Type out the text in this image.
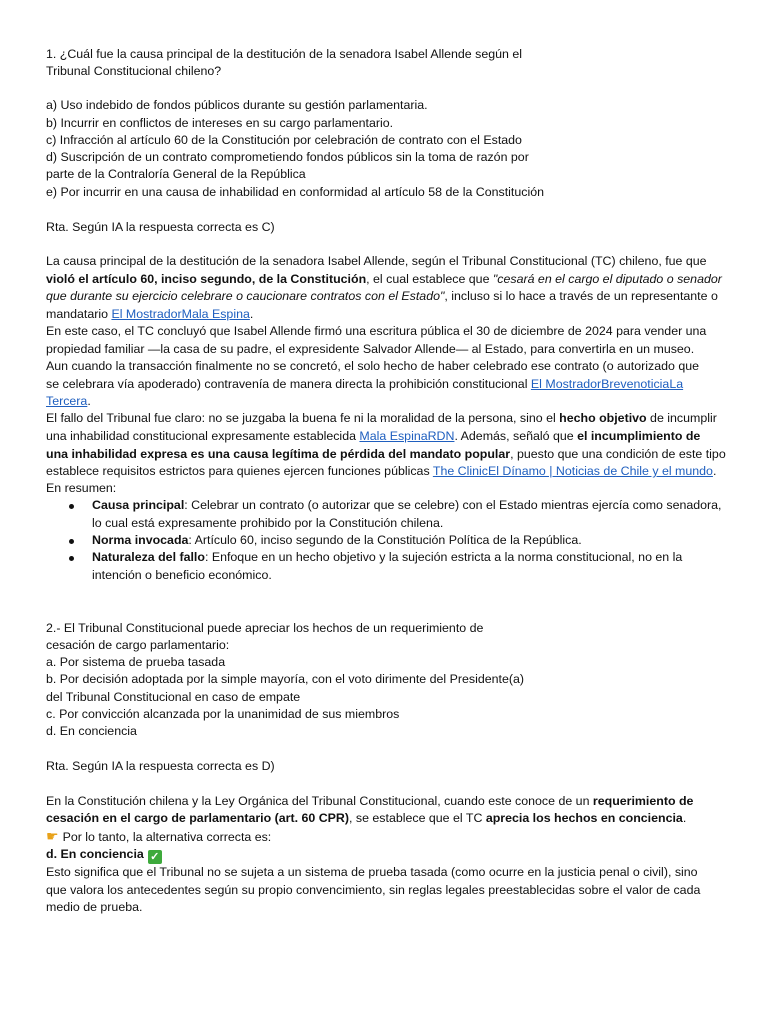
1. ¿Cuál fue la causa principal de la destitución de la senadora Isabel Allende según el
Tribunal Constitucional chileno?
a) Uso indebido de fondos públicos durante su gestión parlamentaria.
b) Incurrir en conflictos de intereses en su cargo parlamentario.
c) Infracción al artículo 60 de la Constitución por celebración de contrato con el Estado
d) Suscripción de un contrato comprometiendo fondos públicos sin la toma de razón por
parte de la Contraloría General de la República
e) Por incurrir en una causa de inhabilidad en conformidad al artículo 58 de la Constitución
Rta. Según IA la respuesta correcta es C)
La causa principal de la destitución de la senadora Isabel Allende, según el Tribunal Constitucional (TC) chileno, fue que
violó el artículo 60, inciso segundo, de la Constitución, el cual establece que "cesará en el cargo el diputado o senador
que durante su ejercicio celebrare o caucionare contratos con el Estado", incluso si lo hace a través de un representante o
mandatario El MostradorMala Espina.
En este caso, el TC concluyó que Isabel Allende firmó una escritura pública el 30 de diciembre de 2024 para vender una
propiedad familiar —la casa de su padre, el expresidente Salvador Allende— al Estado, para convertirla en un museo.
Aun cuando la transacción finalmente no se concretó, el solo hecho de haber celebrado ese contrato (o autorizado que
se celebrara vía apoderado) contravenía de manera directa la prohibición constitucional El MostradorBrevenoticiaLa
Tercera.
El fallo del Tribunal fue claro: no se juzgaba la buena fe ni la moralidad de la persona, sino el hecho objetivo de incumplir
una inhabilidad constitucional expresamente establecida Mala EspinaRDN. Además, señaló que el incumplimiento de
una inhabilidad expresa es una causa legítima de pérdida del mandato popular, puesto que una condición de este tipo
establece requisitos estrictos para quienes ejercen funciones públicas The ClinicEl Dínamo | Noticias de Chile y el mundo.
En resumen:
Causa principal: Celebrar un contrato (o autorizar que se celebre) con el Estado mientras ejercía como senadora,
lo cual está expresamente prohibido por la Constitución chilena.
Norma invocada: Artículo 60, inciso segundo de la Constitución Política de la República.
Naturaleza del fallo: Enfoque en un hecho objetivo y la sujeción estricta a la norma constitucional, no en la
intención o beneficio económico.
2.- El Tribunal Constitucional puede apreciar los hechos de un requerimiento de
cesación de cargo parlamentario:
a. Por sistema de prueba tasada
b. Por decisión adoptada por la simple mayoría, con el voto dirimente del Presidente(a)
del Tribunal Constitucional en caso de empate
c. Por convicción alcanzada por la unanimidad de sus miembros
d. En conciencia
Rta. Según IA la respuesta correcta es D)
En la Constitución chilena y la Ley Orgánica del Tribunal Constitucional, cuando este conoce de un requerimiento de
cesación en el cargo de parlamentario (art. 60 CPR), se establece que el TC aprecia los hechos en conciencia.
☛ Por lo tanto, la alternativa correcta es:
d. En conciencia ✓
Esto significa que el Tribunal no se sujeta a un sistema de prueba tasada (como ocurre en la justicia penal o civil), sino
que valora los antecedentes según su propio convencimiento, sin reglas legales preestablecidas sobre el valor de cada
medio de prueba.
